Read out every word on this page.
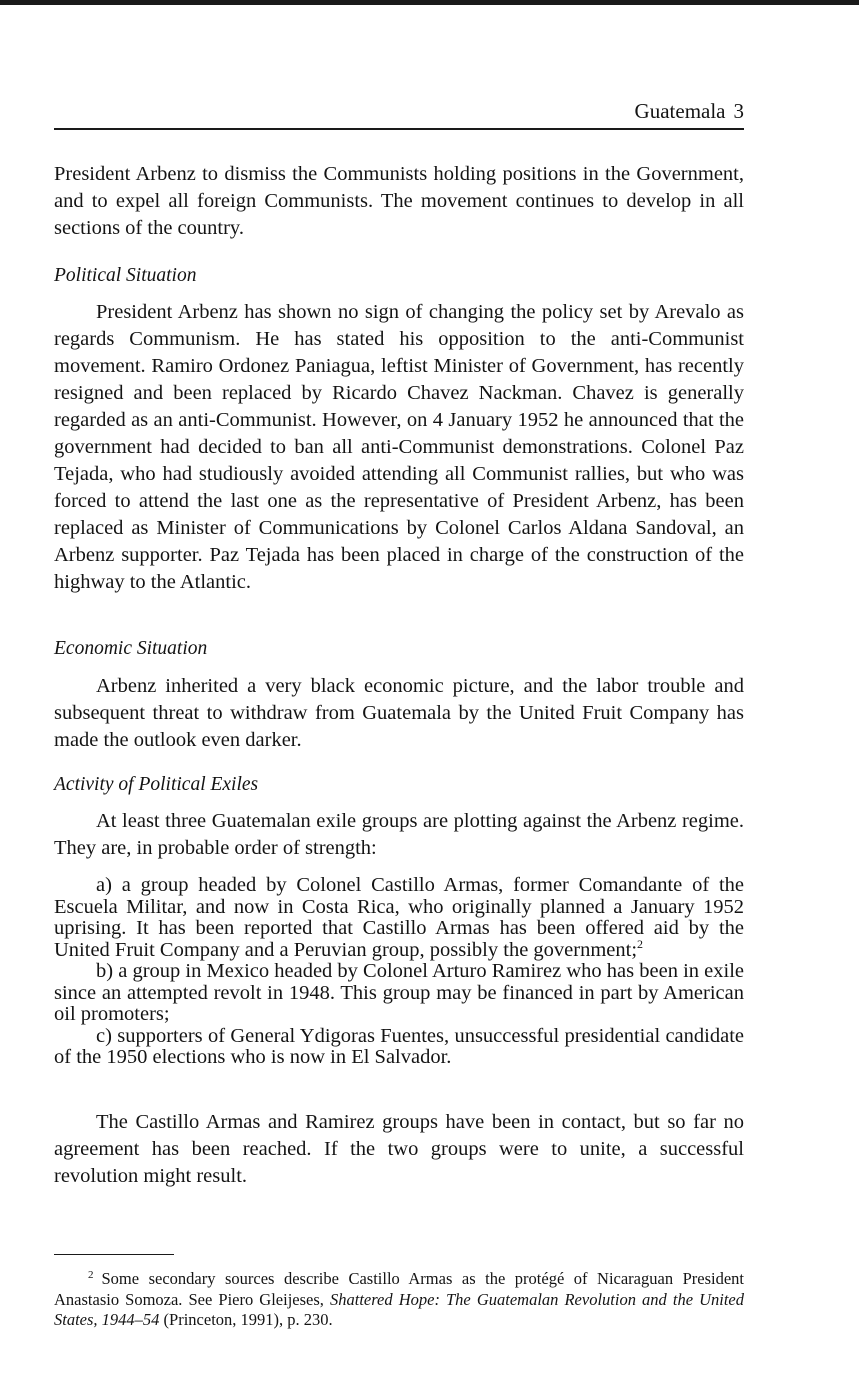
Guatemala 3

President Arbenz to dismiss the Communists holding positions in the Government, and to expel all foreign Communists. The movement continues to develop in all sections of the country.

Political Situation

President Arbenz has shown no sign of changing the policy set by Arevalo as regards Communism. He has stated his opposition to the anti-Communist movement. Ramiro Ordonez Paniagua, leftist Minister of Government, has recently resigned and been replaced by Ricardo Chavez Nackman. Chavez is generally regarded as an anti-Communist. However, on 4 January 1952 he announced that the government had decided to ban all anti-Communist demonstrations. Colonel Paz Tejada, who had studiously avoided attending all Communist rallies, but who was forced to attend the last one as the representative of President Arbenz, has been replaced as Minister of Communications by Colonel Carlos Aldana Sandoval, an Arbenz supporter. Paz Tejada has been placed in charge of the construction of the highway to the Atlantic.

Economic Situation

Arbenz inherited a very black economic picture, and the labor trouble and subsequent threat to withdraw from Guatemala by the United Fruit Company has made the outlook even darker.

Activity of Political Exiles

At least three Guatemalan exile groups are plotting against the Arbenz regime. They are, in probable order of strength:

a) a group headed by Colonel Castillo Armas, former Comandante of the Escuela Militar, and now in Costa Rica, who originally planned a January 1952 uprising. It has been reported that Castillo Armas has been offered aid by the United Fruit Company and a Peruvian group, possibly the government;$^2$

b) a group in Mexico headed by Colonel Arturo Ramirez who has been in exile since an attempted revolt in 1948. This group may be financed in part by American oil promoters;

c) supporters of General Ydigoras Fuentes, unsuccessful presidential candidate of the 1950 elections who is now in El Salvador.

The Castillo Armas and Ramirez groups have been in contact, but so far no agreement has been reached. If the two groups were to unite, a successful revolution might result.

$^2$ Some secondary sources describe Castillo Armas as the protégé of Nicaraguan President Anastasio Somoza. See Piero Gleijeses, Shattered Hope: The Guatemalan Revolution and the United States, 1944–54 (Princeton, 1991), p. 230.
